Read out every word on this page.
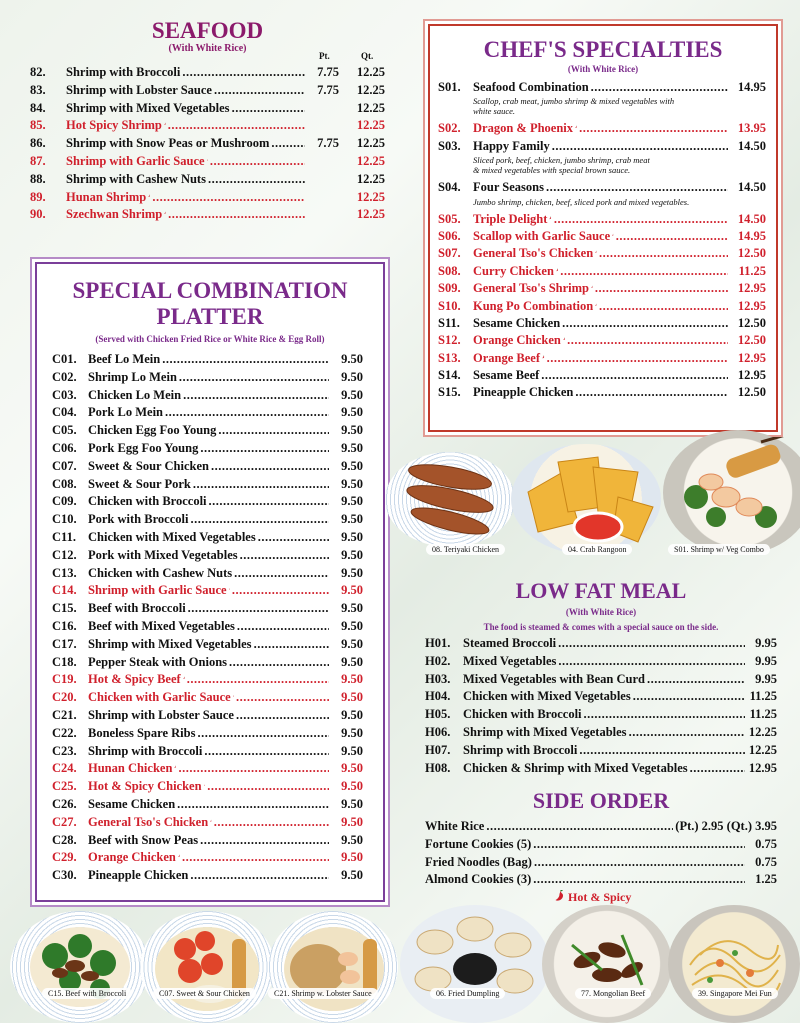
SEAFOOD
(With White Rice)
Pt.	Qt.
82.	Shrimp with Broccoli .....	7.75	12.25
83.	Shrimp with Lobster Sauce .....	7.75	12.25
84.	Shrimp with Mixed Vegetables .....	12.25
85.	Hot Spicy Shrimp .....	12.25
86.	Shrimp with Snow Peas or Mushroom .....	7.75	12.25
87.	Shrimp with Garlic Sauce .....	12.25
88.	Shrimp with Cashew Nuts .....	12.25
89.	Hunan Shrimp .....	12.25
90.	Szechwan Shrimp .....	12.25
SPECIAL COMBINATION
PLATTER
(Served with Chicken Fried Rice or White Rice & Egg Roll)
C01. Beef Lo Mein .....	9.50
C02. Shrimp Lo Mein .....	9.50
C03. Chicken Lo Mein .....	9.50
C04. Pork Lo Mein .....	9.50
C05. Chicken Egg Foo Young .....	9.50
C06. Pork Egg Foo Young .....	9.50
C07. Sweet & Sour Chicken .....	9.50
C08. Sweet & Sour Pork .....	9.50
C09. Chicken with Broccoli .....	9.50
C10. Pork with Broccoli .....	9.50
C11. Chicken with Mixed Vegetables .....	9.50
C12. Pork with Mixed Vegetables .....	9.50
C13. Chicken with Cashew Nuts .....	9.50
C14. Shrimp with Garlic Sauce .....	9.50
C15. Beef with Broccoli .....	9.50
C16. Beef with Mixed Vegetables .....	9.50
C17. Shrimp with Mixed Vegetables .....	9.50
C18. Pepper Steak with Onions .....	9.50
C19. Hot & Spicy Beef .....	9.50
C20. Chicken with Garlic Sauce .....	9.50
C21. Shrimp with Lobster Sauce .....	9.50
C22. Boneless Spare Ribs .....	9.50
C23. Shrimp with Broccoli .....	9.50
C24. Hunan Chicken .....	9.50
C25. Hot & Spicy Chicken .....	9.50
C26. Sesame Chicken .....	9.50
C27. General Tso's Chicken .....	9.50
C28. Beef with Snow Peas .....	9.50
C29. Orange Chicken .....	9.50
C30. Pineapple Chicken .....	9.50
CHEF'S SPECIALTIES
(With White Rice)
S01. Seafood Combination .....	14.95
Scallop, crab meat, jumbo shrimp & mixed vegetables with
white sauce.
S02. Dragon & Phoenix .....	13.95
S03. Happy Family .....	14.50
Sliced pork, beef, chicken, jumbo shrimp, crab meat
& mixed vegetables with special brown sauce.
S04. Four Seasons .....	14.50
Jumbo shrimp, chicken, beef, sliced pork and mixed vegetables.
S05. Triple Delight .....	14.50
S06. Scallop with Garlic Sauce .....	14.95
S07. General Tso's Chicken .....	12.50
S08. Curry Chicken .....	11.25
S09. General Tso's Shrimp .....	12.95
S10. Kung Po Combination .....	12.95
S11.	Sesame Chicken .....	12.50
S12. Orange Chicken .....	12.50
S13. Orange Beef .....	12.95
S14. Sesame Beef .....	12.95
S15. Pineapple Chicken .....	12.50
08. Teriyaki Chicken	04. Crab Rangoon	S01. Shrimp w/ Veg Combo
LOW FAT MEAL
(With White Rice)
The food is steamed & comes with a special sauce on the side.
H01.	Steamed Broccoli .....	9.95
H02.	Mixed Vegetables .....	9.95
H03.	Mixed Vegetables with Bean Curd .....	9.95
H04.	Chicken with Mixed Vegetables .....	11.25
H05.	Chicken with Broccoli .....	11.25
H06.	Shrimp with Mixed Vegetables .....	12.25
H07.	Shrimp with Broccoli .....	12.25
H08.	Chicken & Shrimp with Mixed Vegetables .....	12.95
SIDE ORDER
White Rice .....	(Pt.) 2.95 (Qt.) 3.95
Fortune Cookies (5) .....	0.75
Fried Noodles (Bag) .....	0.75
Almond Cookies (3) .....	1.25
Hot & Spicy
C15. Beef with Broccoli	C07. Sweet & Sour Chicken	C21. Shrimp w. Lobster Sauce	06. Fried Dumpling	77. Mongolian Beef	39. Singapore Mei Fun
